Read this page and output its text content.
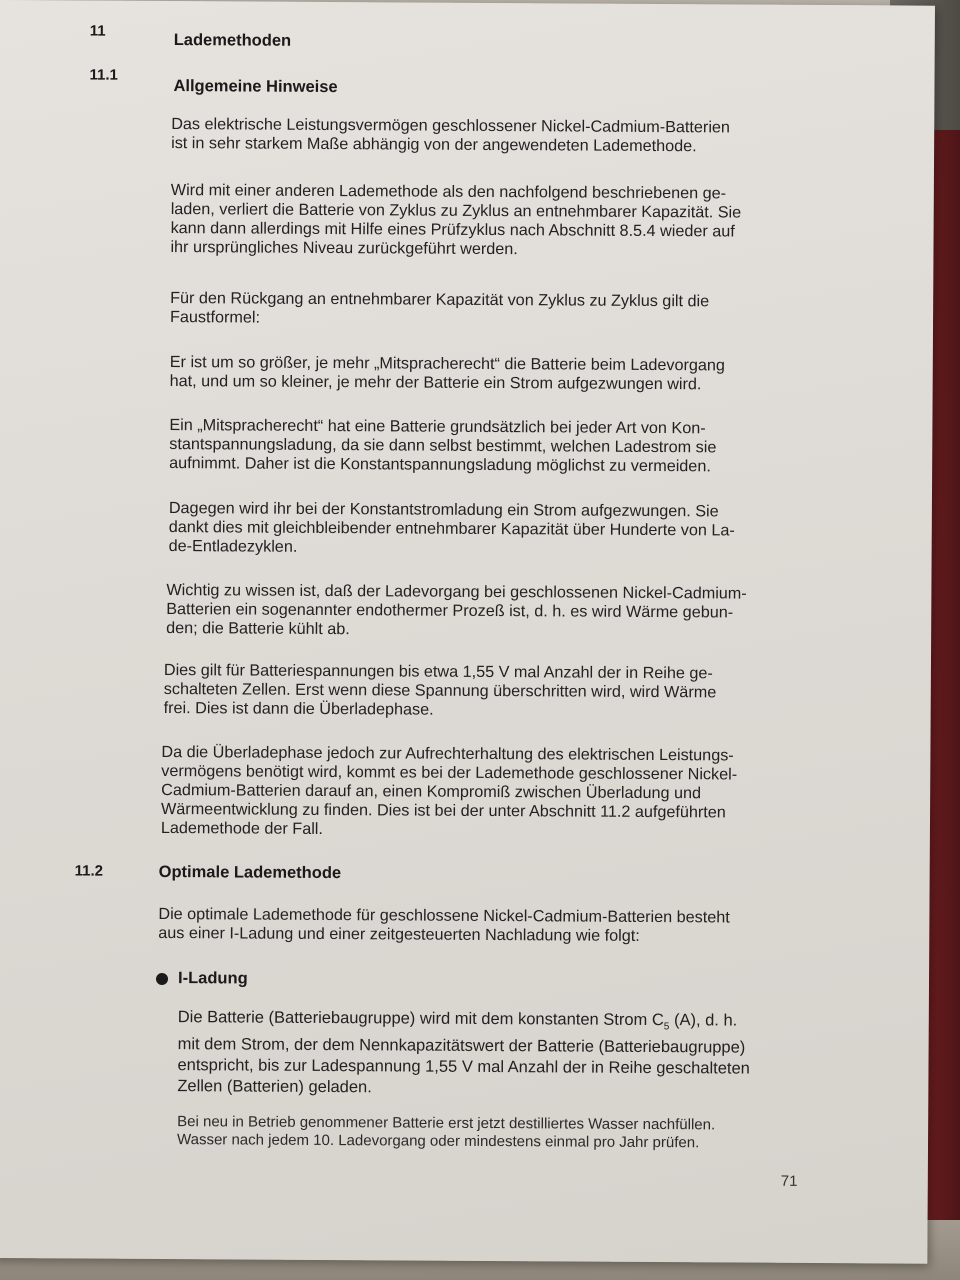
11	Lademethoden
11.1
Allgemeine Hinweise
Das elektrische Leistungsvermögen geschlossener Nickel-Cadmium-Batterien
ist in sehr starkem Maße abhängig von der angewendeten Lademethode.
Wird mit einer anderen Lademethode als den nachfolgend beschriebenen ge-
laden, verliert die Batterie von Zyklus zu Zyklus an entnehmbarer Kapazität. Sie
kann dann allerdings mit Hilfe eines Prüfzyklus nach Abschnitt 8.5.4 wieder auf
ihr ursprüngliches Niveau zurückgeführt werden.
Für den Rückgang an entnehmbarer Kapazität von Zyklus zu Zyklus gilt die
Faustformel:
Er ist um so größer, je mehr „Mitspracherecht“ die Batterie beim Ladevorgang
hat, und um so kleiner, je mehr der Batterie ein Strom aufgezwungen wird.
Ein „Mitspracherecht“ hat eine Batterie grundsätzlich bei jeder Art von Kon-
stantspannungsladung, da sie dann selbst bestimmt, welchen Ladestrom sie
aufnimmt. Daher ist die Konstantspannungsladung möglichst zu vermeiden.
Dagegen wird ihr bei der Konstantstromladung ein Strom aufgezwungen. Sie
dankt dies mit gleichbleibender entnehmbarer Kapazität über Hunderte von La-
de-Entladezyklen.
Wichtig zu wissen ist, daß der Ladevorgang bei geschlossenen Nickel-Cadmium-
Batterien ein sogenannter endothermer Prozeß ist, d. h. es wird Wärme gebun-
den; die Batterie kühlt ab.
Dies gilt für Batteriespannungen bis etwa 1,55 V mal Anzahl der in Reihe ge-
schalteten Zellen. Erst wenn diese Spannung überschritten wird, wird Wärme
frei. Dies ist dann die Überladephase.
Da die Überladephase jedoch zur Aufrechterhaltung des elektrischen Leistungs-
vermögens benötigt wird, kommt es bei der Lademethode geschlossener Nickel-
Cadmium-Batterien darauf an, einen Kompromiß zwischen Überladung und
Wärmeentwicklung zu finden. Dies ist bei der unter Abschnitt 11.2 aufgeführten
Lademethode der Fall.
11.2	Optimale Lademethode
Die optimale Lademethode für geschlossene Nickel-Cadmium-Batterien besteht
aus einer I-Ladung und einer zeitgesteuerten Nachladung wie folgt:
I-Ladung
Die Batterie (Batteriebaugruppe) wird mit dem konstanten Strom $C_5$ (A), d. h.
mit dem Strom, der dem Nennkapazitätswert der Batterie (Batteriebaugruppe)
entspricht, bis zur Ladespannung 1,55 V mal Anzahl der in Reihe geschalteten
Zellen (Batterien) geladen.
Bei neu in Betrieb genommener Batterie erst jetzt destilliertes Wasser nachfüllen.
Wasser nach jedem 10. Ladevorgang oder mindestens einmal pro Jahr prüfen.
71
